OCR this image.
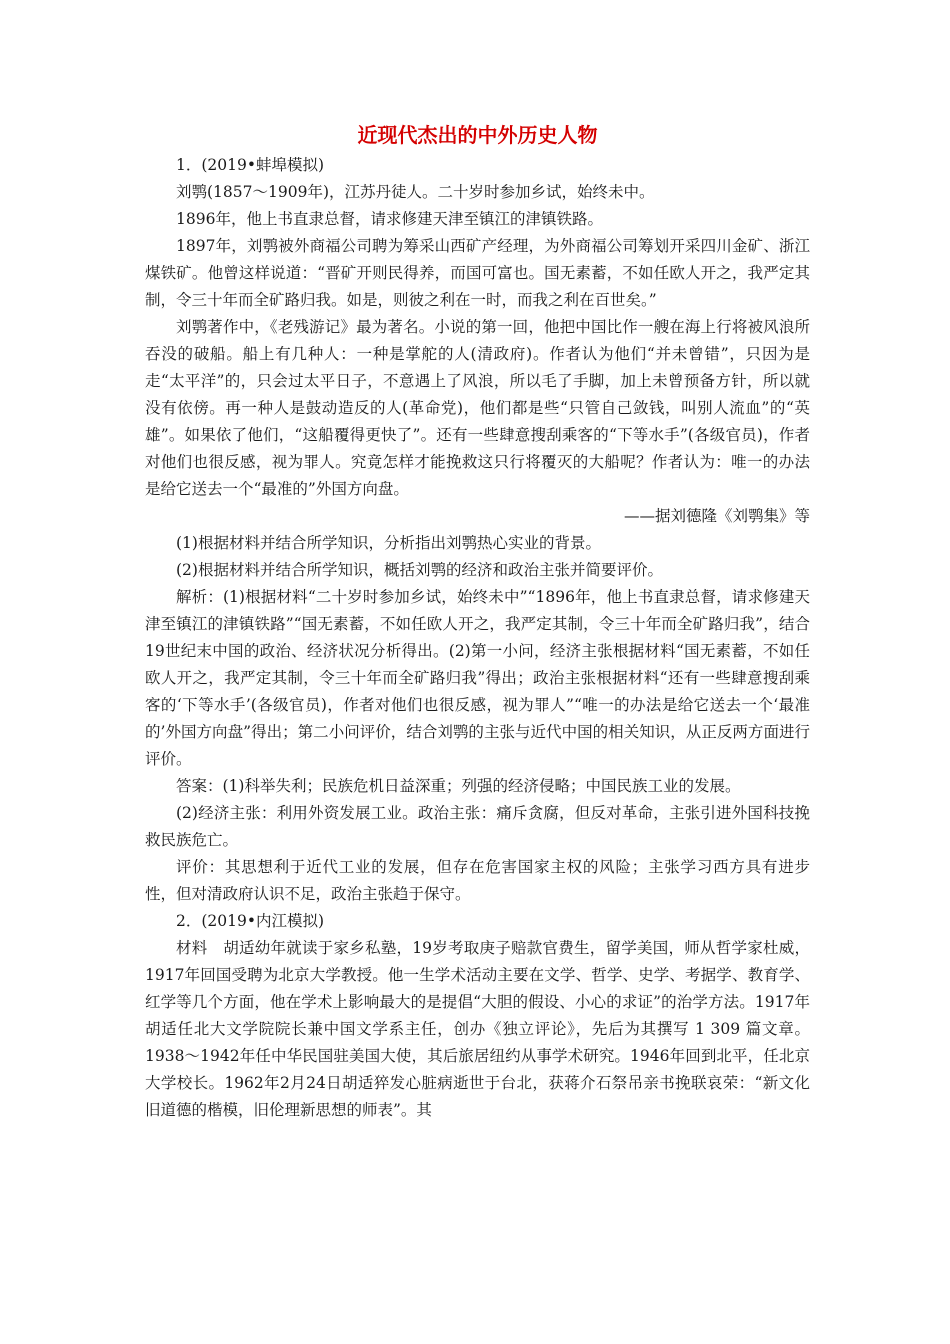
近现代杰出的中外历史人物

1．(2019•蚌埠模拟)

刘鹗(1857～1909年)，江苏丹徒人。二十岁时参加乡试，始终未中。

1896年，他上书直隶总督，请求修建天津至镇江的津镇铁路。

1897年，刘鹗被外商福公司聘为筹采山西矿产经理，为外商福公司筹划开采四川金矿、浙江煤铁矿。他曾这样说道：“晋矿开则民得养，而国可富也。国无素蓄，不如任欧人开之，我严定其制，令三十年而全矿路归我。如是，则彼之利在一时，而我之利在百世矣。”

刘鹗著作中，《老残游记》最为著名。小说的第一回，他把中国比作一艘在海上行将被风浪所吞没的破船。船上有几种人：一种是掌舵的人(清政府)。作者认为他们“并未曾错”，只因为是走“太平洋”的，只会过太平日子，不意遇上了风浪，所以毛了手脚，加上未曾预备方针，所以就没有依傍。再一种人是鼓动造反的人(革命党)，他们都是些“只管自己敛钱，叫别人流血”的“英雄”。如果依了他们，“这船覆得更快了”。还有一些肆意搜刮乘客的“下等水手”(各级官员)，作者对他们也很反感，视为罪人。究竟怎样才能挽救这只行将覆灭的大船呢？作者认为：唯一的办法是给它送去一个“最准的”外国方向盘。

——据刘德隆《刘鹗集》等

(1)根据材料并结合所学知识，分析指出刘鹗热心实业的背景。

(2)根据材料并结合所学知识，概括刘鹗的经济和政治主张并简要评价。

解析：(1)根据材料“二十岁时参加乡试，始终未中”“1896年，他上书直隶总督，请求修建天津至镇江的津镇铁路”“国无素蓄，不如任欧人开之，我严定其制，令三十年而全矿路归我”，结合19世纪末中国的政治、经济状况分析得出。(2)第一小问，经济主张根据材料“国无素蓄，不如任欧人开之，我严定其制，令三十年而全矿路归我”得出；政治主张根据材料“还有一些肆意搜刮乘客的‘下等水手’(各级官员)，作者对他们也很反感，视为罪人”“唯一的办法是给它送去一个‘最准的’外国方向盘”得出；第二小问评价，结合刘鹗的主张与近代中国的相关知识，从正反两方面进行评价。

答案：(1)科举失利；民族危机日益深重；列强的经济侵略；中国民族工业的发展。

(2)经济主张：利用外资发展工业。政治主张：痛斥贪腐，但反对革命，主张引进外国科技挽救民族危亡。

评价：其思想利于近代工业的发展，但存在危害国家主权的风险；主张学习西方具有进步性，但对清政府认识不足，政治主张趋于保守。

2．(2019•内江模拟)

材料　胡适幼年就读于家乡私塾，19岁考取庚子赔款官费生，留学美国，师从哲学家杜威，1917年回国受聘为北京大学教授。他一生学术活动主要在文学、哲学、史学、考据学、教育学、红学等几个方面，他在学术上影响最大的是提倡“大胆的假设、小心的求证”的治学方法。1917年胡适任北大文学院院长兼中国文学系主任，创办《独立评论》，先后为其撰写 1 309 篇文章。1938～1942年任中华民国驻美国大使，其后旅居纽约从事学术研究。1946年回到北平，任北京大学校长。1962年2月24日胡适猝发心脏病逝世于台北，获蒋介石祭吊亲书挽联哀荣：“新文化旧道德的楷模，旧伦理新思想的师表”。其
